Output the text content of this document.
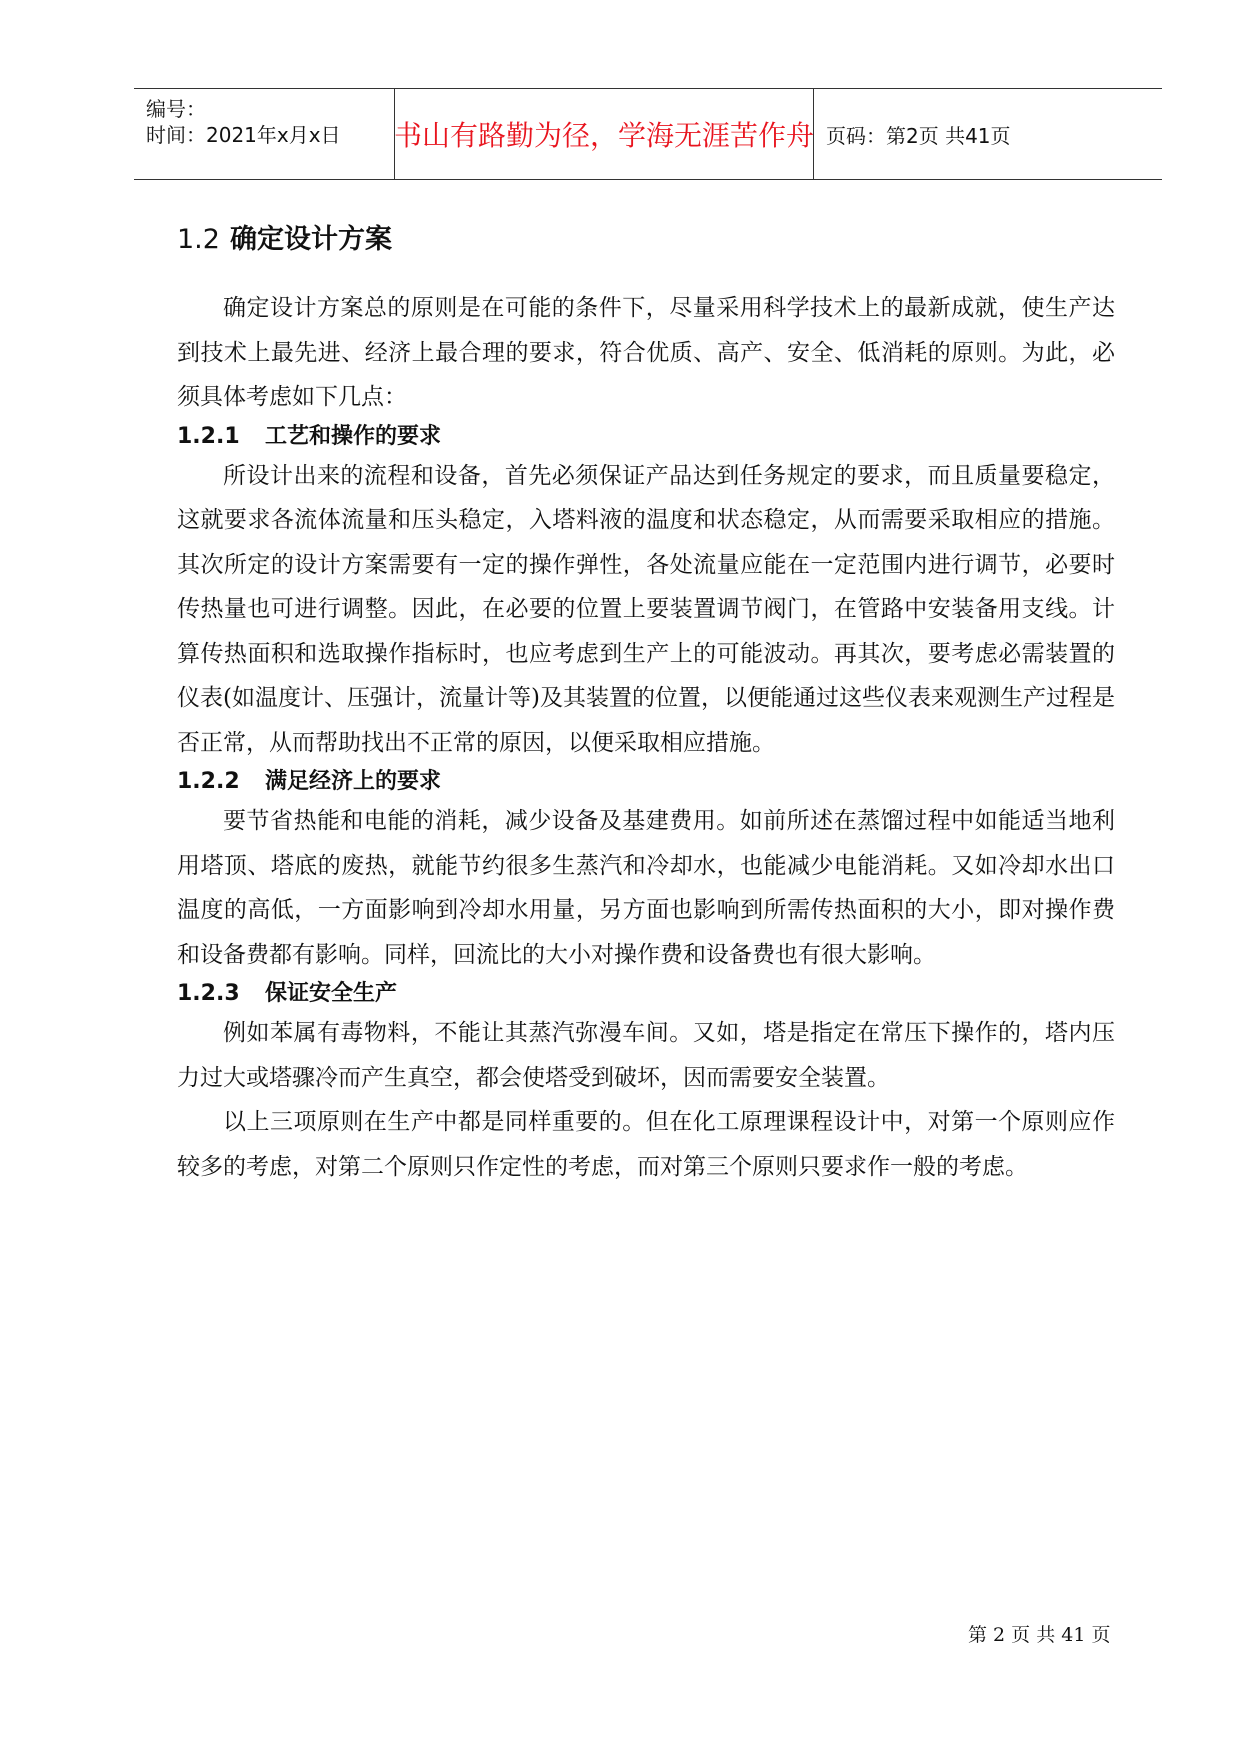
编号：
时间：2021年x月x日 书山有路勤为径，学海无涯苦作舟 页码：第2页 共41页
1.2 确定设计方案

确定设计方案总的原则是在可能的条件下，尽量采用科学技术上的最新成就，使生产达到技术上最先进、经济上最合理的要求，符合优质、高产、安全、低消耗的原则。为此，必须具体考虑如下几点：

1.2.1 工艺和操作的要求

所设计出来的流程和设备，首先必须保证产品达到任务规定的要求，而且质量要稳定，这就要求各流体流量和压头稳定，入塔料液的温度和状态稳定，从而需要采取相应的措施。其次所定的设计方案需要有一定的操作弹性，各处流量应能在一定范围内进行调节，必要时传热量也可进行调整。因此，在必要的位置上要装置调节阀门，在管路中安装备用支线。计算传热面积和选取操作指标时，也应考虑到生产上的可能波动。再其次，要考虑必需装置的仪表(如温度计、压强计，流量计等)及其装置的位置，以便能通过这些仪表来观测生产过程是否正常，从而帮助找出不正常的原因，以便采取相应措施。

1.2.2 满足经济上的要求

要节省热能和电能的消耗，减少设备及基建费用。如前所述在蒸馏过程中如能适当地利用塔顶、塔底的废热，就能节约很多生蒸汽和冷却水，也能减少电能消耗。又如冷却水出口温度的高低，一方面影响到冷却水用量，另方面也影响到所需传热面积的大小，即对操作费和设备费都有影响。同样，回流比的大小对操作费和设备费也有很大影响。

1.2.3 保证安全生产

例如苯属有毒物料，不能让其蒸汽弥漫车间。又如，塔是指定在常压下操作的，塔内压力过大或塔骤冷而产生真空，都会使塔受到破坏，因而需要安全装置。

以上三项原则在生产中都是同样重要的。但在化工原理课程设计中，对第一个原则应作较多的考虑，对第二个原则只作定性的考虑，而对第三个原则只要求作一般的考虑。

第 2 页 共 41 页
